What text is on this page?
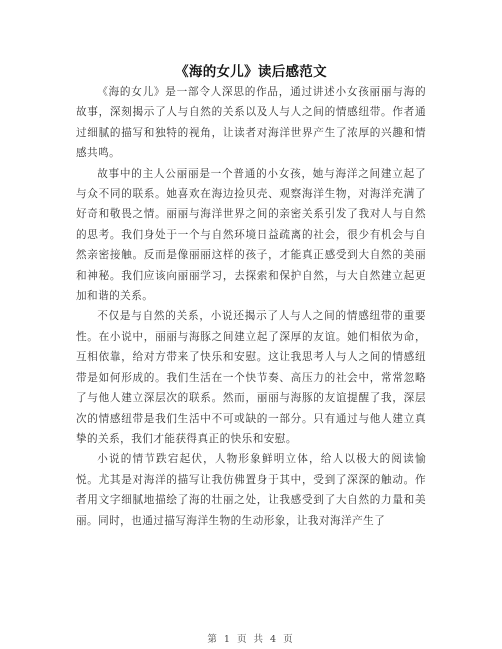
《海的女儿》读后感范文

《海的女儿》是一部令人深思的作品，通过讲述小女孩丽丽与海的故事，深刻揭示了人与自然的关系以及人与人之间的情感纽带。作者通过细腻的描写和独特的视角，让读者对海洋世界产生了浓厚的兴趣和情感共鸣。

故事中的主人公丽丽是一个普通的小女孩，她与海洋之间建立起了与众不同的联系。她喜欢在海边捡贝壳、观察海洋生物，对海洋充满了好奇和敬畏之情。丽丽与海洋世界之间的亲密关系引发了我对人与自然的思考。我们身处于一个与自然环境日益疏离的社会，很少有机会与自然亲密接触。反而是像丽丽这样的孩子，才能真正感受到大自然的美丽和神秘。我们应该向丽丽学习，去探索和保护自然，与大自然建立起更加和谐的关系。

不仅是与自然的关系，小说还揭示了人与人之间的情感纽带的重要性。在小说中，丽丽与海豚之间建立起了深厚的友谊。她们相依为命，互相依靠，给对方带来了快乐和安慰。这让我思考人与人之间的情感纽带是如何形成的。我们生活在一个快节奏、高压力的社会中，常常忽略了与他人建立深层次的联系。然而，丽丽与海豚的友谊提醒了我，深层次的情感纽带是我们生活中不可或缺的一部分。只有通过与他人建立真挚的关系，我们才能获得真正的快乐和安慰。

小说的情节跌宕起伏，人物形象鲜明立体，给人以极大的阅读愉悦。尤其是对海洋的描写让我仿佛置身于其中，受到了深深的触动。作者用文字细腻地描绘了海的壮丽之处，让我感受到了大自然的力量和美丽。同时，也通过描写海洋生物的生动形象，让我对海洋产生了

第 1 页 共 4 页
